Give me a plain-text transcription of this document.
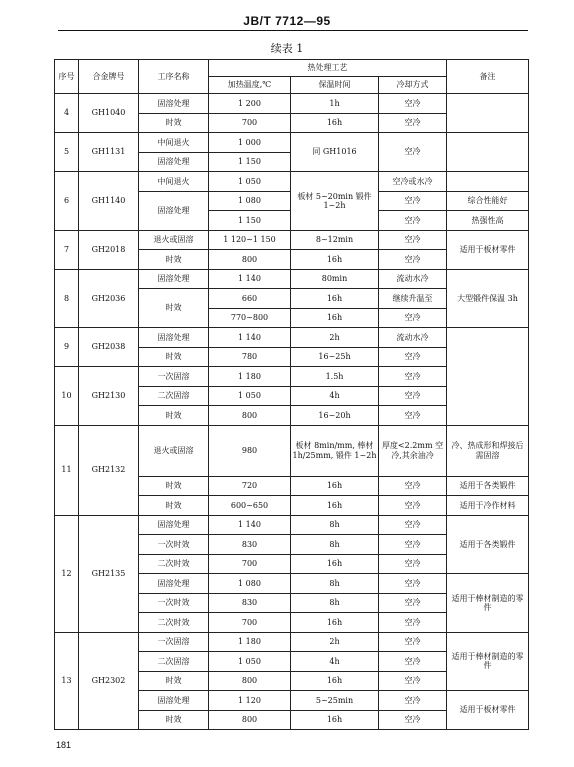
JB/T 7712—95
续表 1
序号	合金牌号	工序名称	热处理工艺			备注
			加热温度,℃	保温时间	冷却方式	
4	GH1040	固溶处理	1 200	1h	空冷	
		时效	700	16h	空冷	
5	GH1131	中间退火	1 000	同 GH1016	空冷	
		固溶处理	1 150			
6	GH1140	中间退火	1 050	板材 5~20min 锻件 1~2h	空冷或水冷	
		固溶处理	1 080		空冷	综合性能好
			1 150		空冷	热强性高
7	GH2018	退火或固溶	1 120~1 150	8~12min	空冷	适用于板材零件
		时效	800	16h	空冷	
8	GH2036	固溶处理	1 140	80min	流动水冷	大型锻件保温 3h
		时效	660	16h	继续升温至	
			770~800	16h	空冷	
9	GH2038	固溶处理	1 140	2h	流动水冷	
		时效	780	16~25h	空冷	
10	GH2130	一次固溶	1 180	1.5h	空冷	
		二次固溶	1 050	4h	空冷	
		时效	800	16~20h	空冷	
11	GH2132	退火或固溶	980	板材 8min/mm, 棒材 1h/25mm, 锻件 1~2h	厚度<2.2mm 空冷,其余油冷	冷、热成形和焊接后需固溶
		时效	720	16h	空冷	适用于各类锻件
		时效	600~650	16h	空冷	适用于冷作材料
12	GH2135	固溶处理	1 140	8h	空冷	适用于各类锻件
		一次时效	830	8h	空冷	
		二次时效	700	16h	空冷	
		固溶处理	1 080	8h	空冷	适用于棒材制造的零件
		一次时效	830	8h	空冷	
		二次时效	700	16h	空冷	
13	GH2302	一次固溶	1 180	2h	空冷	适用于棒材制造的零件
		二次固溶	1 050	4h	空冷	
		时效	800	16h	空冷	
		固溶处理	1 120	5~25min	空冷	适用于板材零件
		时效	800	16h	空冷	
181
